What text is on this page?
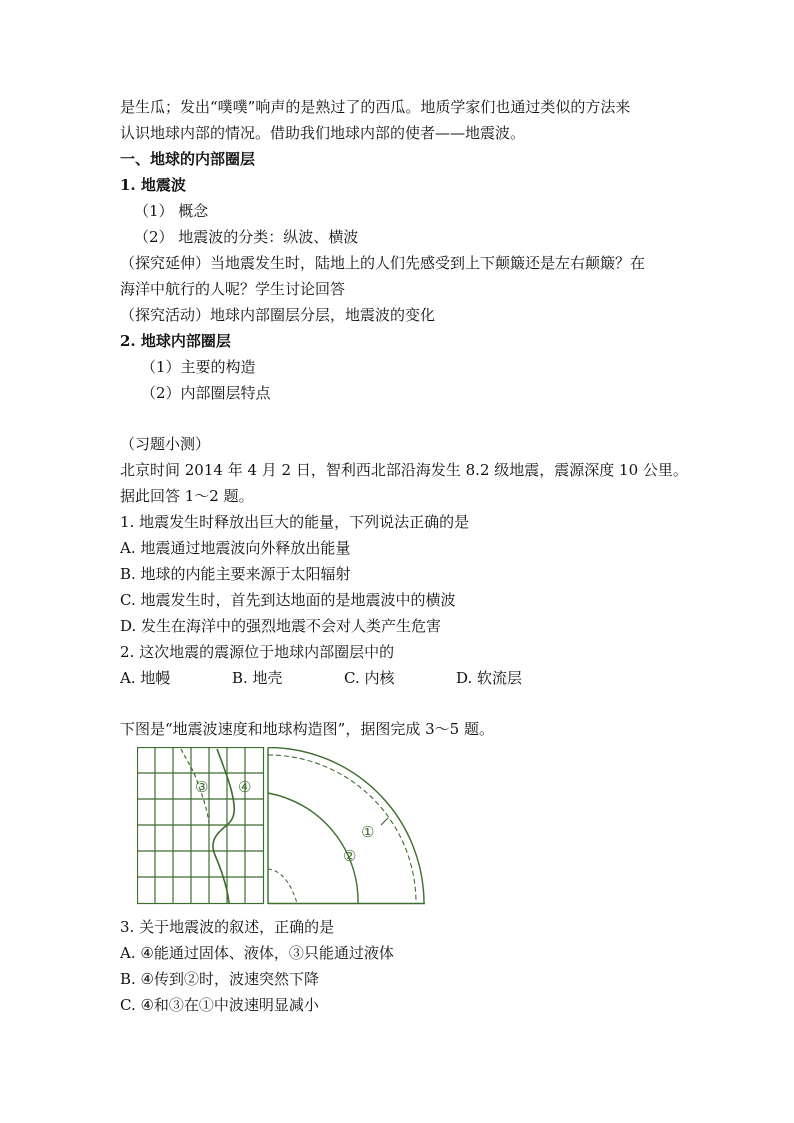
是生瓜；发出“噗噗”响声的是熟过了的西瓜。地质学家们也通过类似的方法来
认识地球内部的情况。借助我们地球内部的使者——地震波。
一、地球的内部圈层
1. 地震波
（1） 概念
（2） 地震波的分类：纵波、横波
（探究延伸）当地震发生时，陆地上的人们先感受到上下颠簸还是左右颠簸？在
海洋中航行的人呢？学生讨论回答
（探究活动）地球内部圈层分层，地震波的变化
2. 地球内部圈层
（1）主要的构造
（2）内部圈层特点
（习题小测）
北京时间 2014 年 4 月 2 日，智利西北部沿海发生 8.2 级地震，震源深度 10 公里。
据此回答 1～2 题。
1. 地震发生时释放出巨大的能量，下列说法正确的是
A. 地震通过地震波向外释放出能量
B. 地球的内能主要来源于太阳辐射
C. 地震发生时，首先到达地面的是地震波中的横波
D. 发生在海洋中的强烈地震不会对人类产生危害
2. 这次地震的震源位于地球内部圈层中的
A. 地幔	B. 地壳	C. 内核	D. 软流层
下图是“地震波速度和地球构造图”，据图完成 3～5 题。
③ ④
①
②
3. 关于地震波的叙述，正确的是
A. ④能通过固体、液体，③只能通过液体
B. ④传到②时，波速突然下降
C. ④和③在①中波速明显减小
